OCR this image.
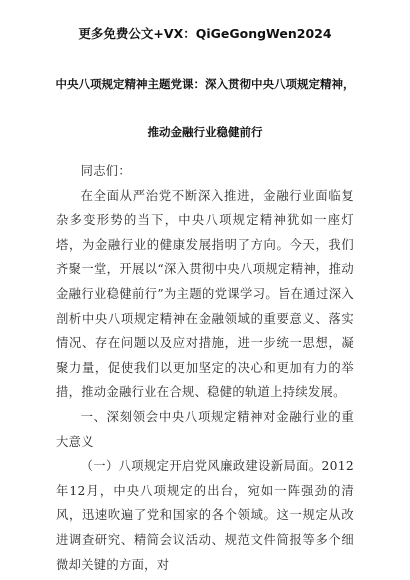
更多免费公文+VX：QiGeGongWen2024
中央八项规定精神主题党课：深入贯彻中央八项规定精神，
推动金融行业稳健前行

同志们：

在全面从严治党不断深入推进，金融行业面临复杂多变形势的当下，中央八项规定精神犹如一座灯塔，为金融行业的健康发展指明了方向。今天，我们齐聚一堂，开展以“深入贯彻中央八项规定精神，推动金融行业稳健前行”为主题的党课学习。旨在通过深入剖析中央八项规定精神在金融领域的重要意义、落实情况、存在问题以及应对措施，进一步统一思想，凝聚力量，促使我们以更加坚定的决心和更加有力的举措，推动金融行业在合规、稳健的轨道上持续发展。

一、深刻领会中央八项规定精神对金融行业的重大意义

（一）八项规定开启党风廉政建设新局面。2012年12月，中央八项规定的出台，宛如一阵强劲的清风，迅速吹遍了党和国家的各个领域。这一规定从改进调查研究、精简会议活动、规范文件简报等多个细微却关键的方面，对
